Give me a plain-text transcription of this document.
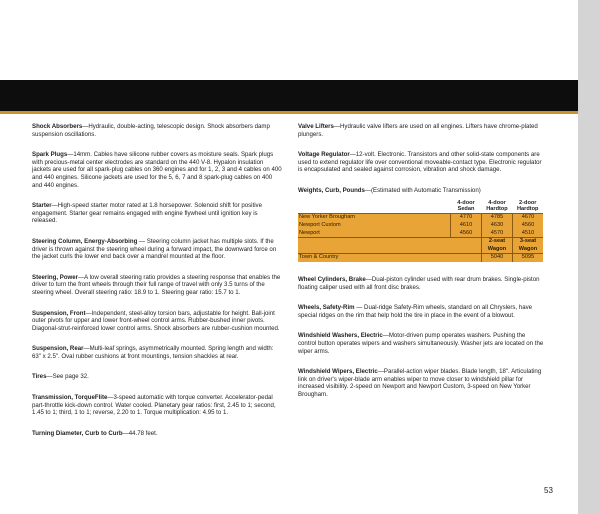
Shock Absorbers—Hydraulic, double-acting, telescopic design. Shock absorbers damp suspension oscillations.
Spark Plugs—14mm. Cables have silicone rubber covers as moisture seals. Spark plugs with precious-metal center electrodes are standard on the 440 V-8. Hypalon insulation jackets are used for all spark-plug cables on 360 engines and for 1, 2, 3 and 4 cables on 400 and 440 engines. Silicone jackets are used for the 5, 6, 7 and 8 spark-plug cables on 400 and 440 engines.
Starter—High-speed starter motor rated at 1.8 horsepower. Solenoid shift for positive engagement. Starter gear remains engaged with engine flywheel until ignition key is released.
Steering Column, Energy-Absorbing — Steering column jacket has multiple slots. If the driver is thrown against the steering wheel during a forward impact, the downward force on the jacket curls the lower end back over a mandrel mounted at the floor.
Steering, Power—A low overall steering ratio provides a steering response that enables the driver to turn the front wheels through their full range of travel with only 3.5 turns of the steering wheel. Overall steering ratio: 18.9 to 1. Steering gear ratio: 15.7 to 1.
Suspension, Front—Independent, steel-alloy torsion bars, adjustable for height. Ball-joint outer pivots for upper and lower front-wheel control arms. Rubber-bushed inner pivots. Diagonal-strut-reinforced lower control arms. Shock absorbers are rubber-cushion mounted.
Suspension, Rear—Multi-leaf springs, asymmetrically mounted. Spring length and width: 63" x 2.5". Oval rubber cushions at front mountings, tension shackles at rear.
Tires—See page 32.
Transmission, TorqueFlite—3-speed automatic with torque converter. Accelerator-pedal part-throttle kick-down control. Water cooled. Planetary gear ratios: first, 2.45 to 1; second, 1.45 to 1; third, 1 to 1; reverse, 2.20 to 1. Torque multiplication: 4.95 to 1.
Turning Diameter, Curb to Curb—44.78 feet.
Valve Lifters—Hydraulic valve lifters are used on all engines. Lifters have chrome-plated plungers.
Voltage Regulator—12-volt. Electronic. Transistors and other solid-state components are used to extend regulator life over conventional moveable-contact type. Electronic regulator is encapsulated and sealed against corrosion, vibration and shock damage.
Weights, Curb, Pounds—(Estimated with Automatic Transmission)
	4-door Sedan	4-door Hardtop	2-door Hardtop
New Yorker Brougham	4770	4785	4670
Newport Custom	4610	4630	4560
Newport	4560	4570	4510
		2-seat Wagon	3-seat Wagon
Town & Country		5040	5095
Wheel Cylinders, Brake—Dual-piston cylinder used with rear drum brakes. Single-piston floating caliper used with all front disc brakes.
Wheels, Safety-Rim — Dual-ridge Safety-Rim wheels, standard on all Chryslers, have special ridges on the rim that help hold the tire in place in the event of a blowout.
Windshield Washers, Electric—Motor-driven pump operates washers. Pushing the control button operates wipers and washers simultaneously. Washer jets are located on the wiper arms.
Windshield Wipers, Electric—Parallel-action wiper blades. Blade length, 18". Articulating link on driver's wiper-blade arm enables wiper to move closer to windshield pillar for increased visibility. 2-speed on Newport and Newport Custom, 3-speed on New Yorker Brougham.
53
